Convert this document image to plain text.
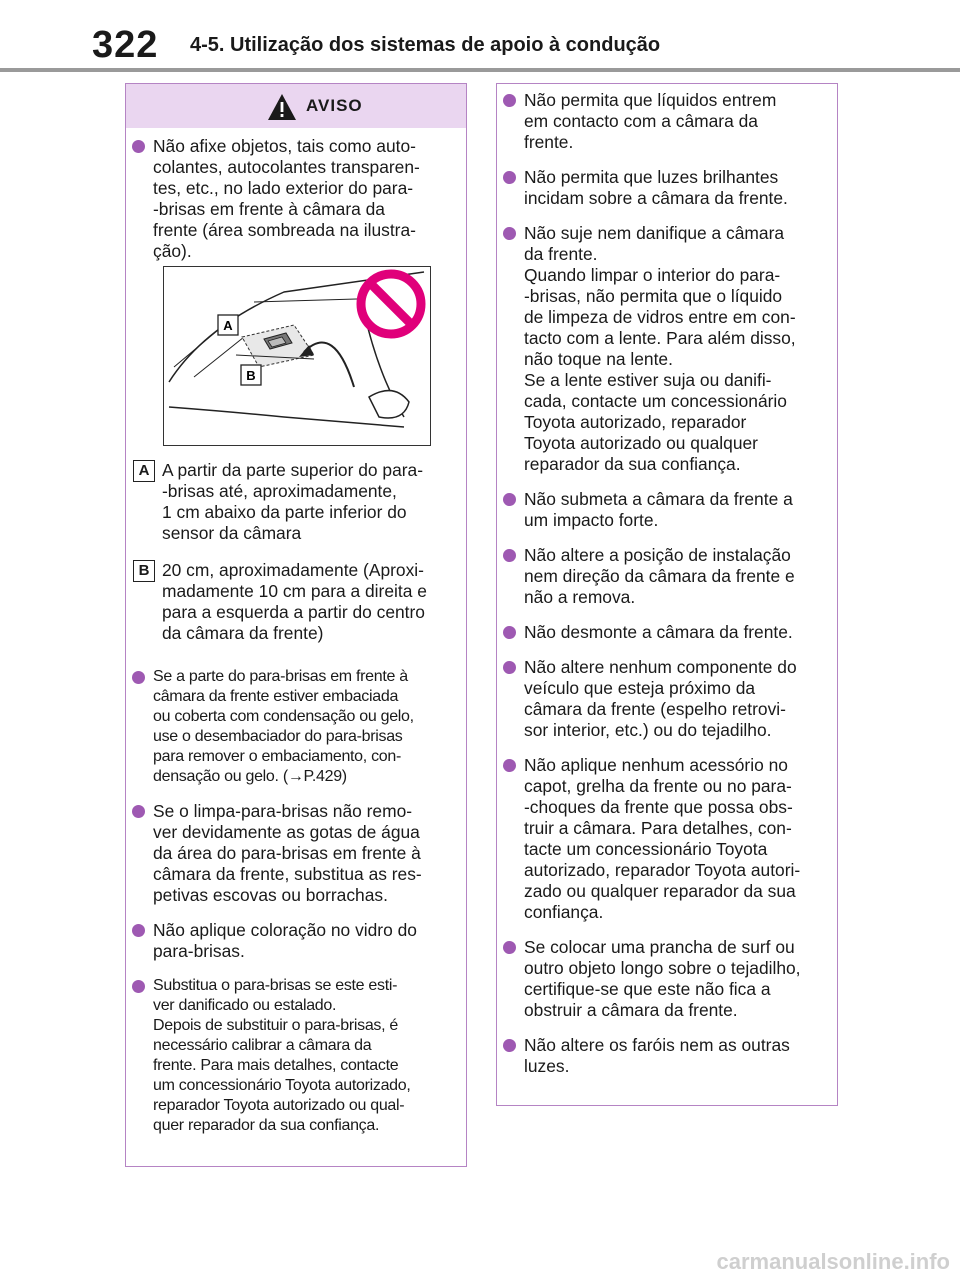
322 4-5. Utilização dos sistemas de apoio à condução
AVISO
Não afixe objetos, tais como auto-
colantes, autocolantes transparen-
tes, etc., no lado exterior do para-
-brisas em frente à câmara da
frente (área sombreada na ilustra-
ção).
A
B
A A partir da parte superior do para-
-brisas até, aproximadamente,
1 cm abaixo da parte inferior do
sensor da câmara
B 20 cm, aproximadamente (Aproxi-
madamente 10 cm para a direita e
para a esquerda a partir do centro
da câmara da frente)
Se a parte do para-brisas em frente à
câmara da frente estiver embaciada
ou coberta com condensação ou gelo,
use o desembaciador do para-brisas
para remover o embaciamento, con-
densação ou gelo. (→P.429)
Se o limpa-para-brisas não remo-
ver devidamente as gotas de água
da área do para-brisas em frente à
câmara da frente, substitua as res-
petivas escovas ou borrachas.
Não aplique coloração no vidro do
para-brisas.
Substitua o para-brisas se este esti-
ver danificado ou estalado.
Depois de substituir o para-brisas, é
necessário calibrar a câmara da
frente. Para mais detalhes, contacte
um concessionário Toyota autorizado,
reparador Toyota autorizado ou qual-
quer reparador da sua confiança.
Não permita que líquidos entrem
em contacto com a câmara da
frente.
Não permita que luzes brilhantes
incidam sobre a câmara da frente.
Não suje nem danifique a câmara
da frente.
Quando limpar o interior do para-
-brisas, não permita que o líquido
de limpeza de vidros entre em con-
tacto com a lente. Para além disso,
não toque na lente.
Se a lente estiver suja ou danifi-
cada, contacte um concessionário
Toyota autorizado, reparador
Toyota autorizado ou qualquer
reparador da sua confiança.
Não submeta a câmara da frente a
um impacto forte.
Não altere a posição de instalação
nem direção da câmara da frente e
não a remova.
Não desmonte a câmara da frente.
Não altere nenhum componente do
veículo que esteja próximo da
câmara da frente (espelho retrovi-
sor interior, etc.) ou do tejadilho.
Não aplique nenhum acessório no
capot, grelha da frente ou no para-
-choques da frente que possa obs-
truir a câmara. Para detalhes, con-
tacte um concessionário Toyota
autorizado, reparador Toyota autori-
zado ou qualquer reparador da sua
confiança.
Se colocar uma prancha de surf ou
outro objeto longo sobre o tejadilho,
certifique-se que este não fica a
obstruir a câmara da frente.
Não altere os faróis nem as outras
luzes.
carmanualsonline.info
